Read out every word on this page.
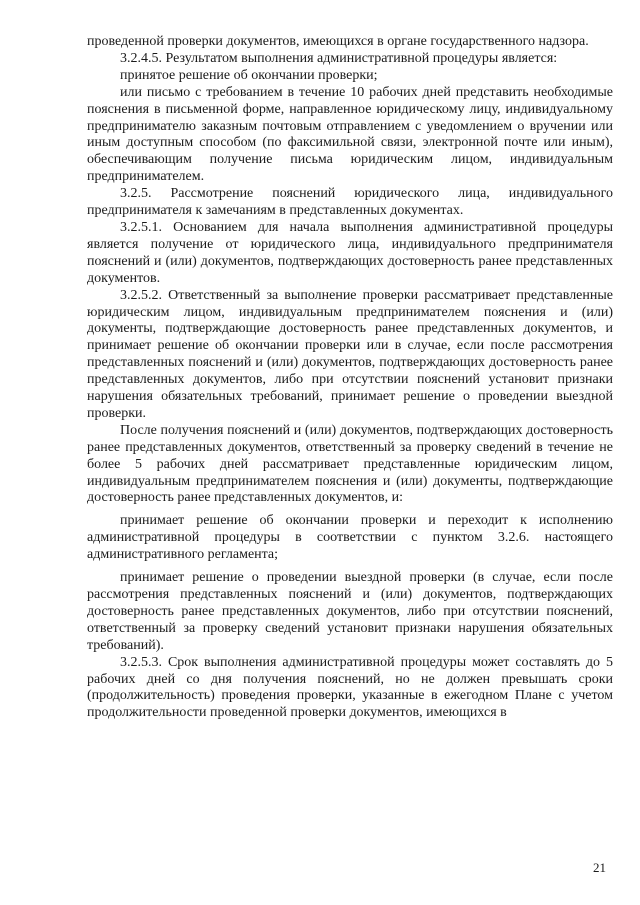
проведенной проверки документов, имеющихся в органе государственного надзора.

3.2.4.5. Результатом выполнения административной процедуры является:

принятое решение об окончании проверки;

или письмо с требованием в течение 10 рабочих дней представить необходимые пояснения в письменной форме, направленное юридическому лицу, индивидуальному предпринимателю заказным почтовым отправлением с уведомлением о вручении или иным доступным способом (по факсимильной связи, электронной почте или иным), обеспечивающим получение письма юридическим лицом, индивидуальным предпринимателем.

3.2.5. Рассмотрение пояснений юридического лица, индивидуального предпринимателя к замечаниям в представленных документах.

3.2.5.1. Основанием для начала выполнения административной процедуры является получение от юридического лица, индивидуального предпринимателя пояснений и (или) документов, подтверждающих достоверность ранее представленных документов.

3.2.5.2. Ответственный за выполнение проверки рассматривает представленные юридическим лицом, индивидуальным предпринимателем пояснения и (или) документы, подтверждающие достоверность ранее представленных документов, и принимает решение об окончании проверки или в случае, если после рассмотрения представленных пояснений и (или) документов, подтверждающих достоверность ранее представленных документов, либо при отсутствии пояснений установит признаки нарушения обязательных требований, принимает решение о проведении выездной проверки.

После получения пояснений и (или) документов, подтверждающих достоверность ранее представленных документов, ответственный за проверку сведений в течение не более 5 рабочих дней рассматривает представленные юридическим лицом, индивидуальным предпринимателем пояснения и (или) документы, подтверждающие достоверность ранее представленных документов, и:

принимает решение об окончании проверки и переходит к исполнению административной процедуры в соответствии с пунктом 3.2.6. настоящего административного регламента;

принимает решение о проведении выездной проверки (в случае, если после рассмотрения представленных пояснений и (или) документов, подтверждающих достоверность ранее представленных документов, либо при отсутствии пояснений, ответственный за проверку сведений установит признаки нарушения обязательных требований).

3.2.5.3. Срок выполнения административной процедуры может составлять до 5 рабочих дней со дня получения пояснений, но не должен превышать сроки (продолжительность) проведения проверки, указанные в ежегодном Плане с учетом продолжительности проведенной проверки документов, имеющихся в

21
